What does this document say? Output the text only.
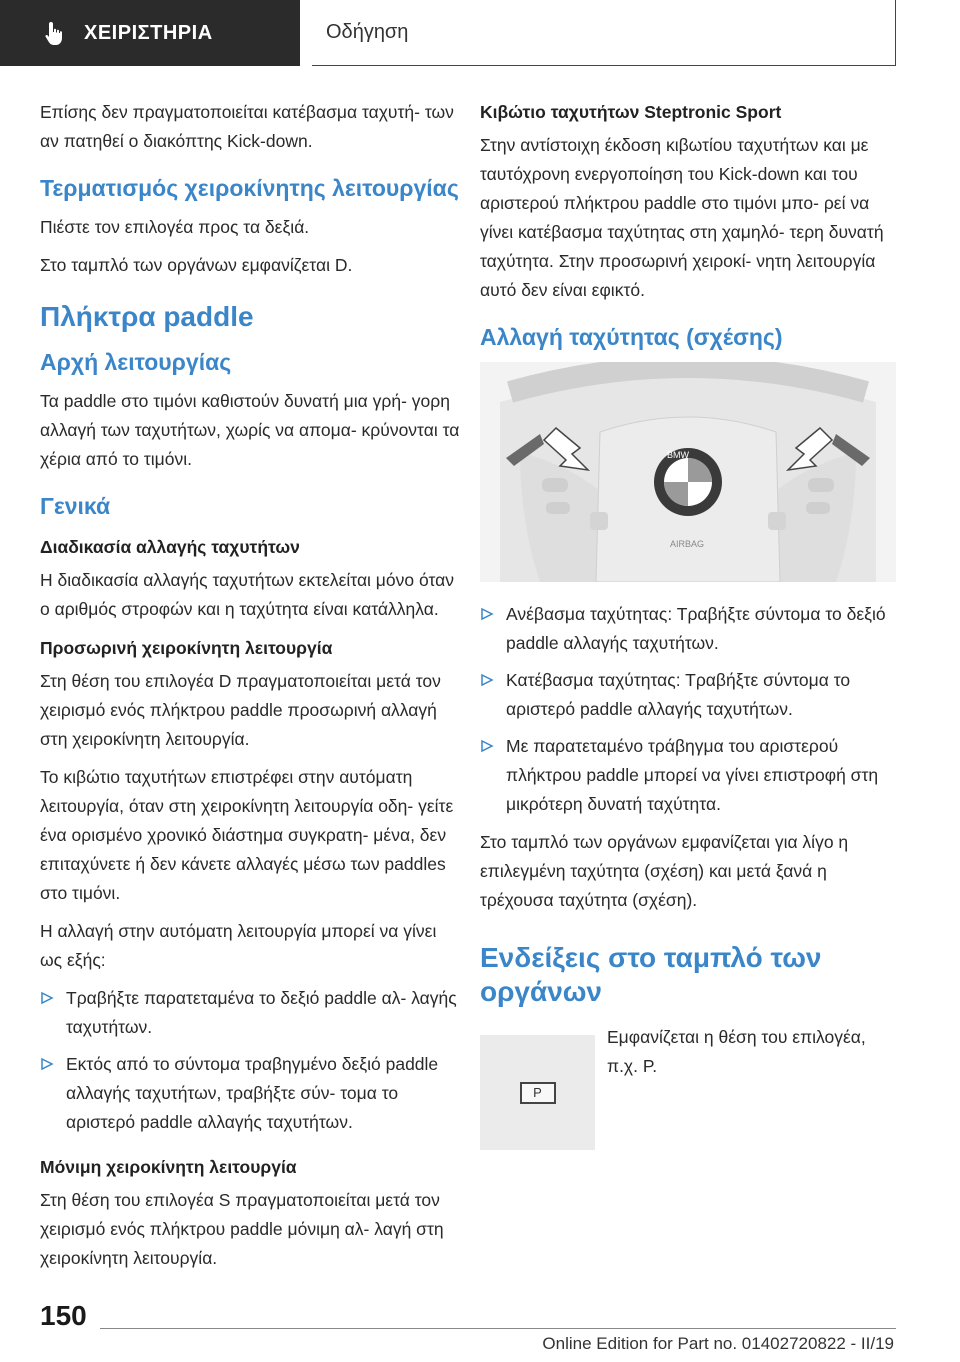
ΧΕΙΡΙΣΤΗΡΙΑ	Οδήγηση

Επίσης δεν πραγματοποιείται κατέβασμα ταχυτή- των αν πατηθεί ο διακόπτης Kick-down.

Τερματισμός χειροκίνητης λειτουργίας

Πιέστε τον επιλογέα προς τα δεξιά.

Στο ταμπλό των οργάνων εμφανίζεται D.

Πλήκτρα paddle
Αρχή λειτουργίας

Τα paddle στο τιμόνι καθιστούν δυνατή μια γρή- γορη αλλαγή των ταχυτήτων, χωρίς να απομα- κρύνονται τα χέρια από το τιμόνι.

Γενικά
Διαδικασία αλλαγής ταχυτήτων

Η διαδικασία αλλαγής ταχυτήτων εκτελείται μόνο όταν ο αριθμός στροφών και η ταχύτητα είναι κατάλληλα.

Προσωρινή χειροκίνητη λειτουργία

Στη θέση του επιλογέα D πραγματοποιείται μετά τον χειρισμό ενός πλήκτρου paddle προσωρινή αλλαγή στη χειροκίνητη λειτουργία.

Το κιβώτιο ταχυτήτων επιστρέφει στην αυτόματη λειτουργία, όταν στη χειροκίνητη λειτουργία οδη- γείτε ένα ορισμένο χρονικό διάστημα συγκρατη- μένα, δεν επιταχύνετε ή δεν κάνετε αλλαγές μέσω των paddles στο τιμόνι.

Η αλλαγή στην αυτόματη λειτουργία μπορεί να γίνει ως εξής:

Τραβήξτε παρατεταμένα το δεξιό paddle αλ- λαγής ταχυτήτων.
Εκτός από το σύντομα τραβηγμένο δεξιό paddle αλλαγής ταχυτήτων, τραβήξτε σύν- τομα το αριστερό paddle αλλαγής ταχυτήτων.
Μόνιμη χειροκίνητη λειτουργία

Στη θέση του επιλογέα S πραγματοποιείται μετά τον χειρισμό ενός πλήκτρου paddle μόνιμη αλ- λαγή στη χειροκίνητη λειτουργία.

Κιβώτιο ταχυτήτων Steptronic Sport

Στην αντίστοιχη έκδοση κιβωτίου ταχυτήτων και με ταυτόχρονη ενεργοποίηση του Kick-down και του αριστερού πλήκτρου paddle στο τιμόνι μπο- ρεί να γίνει κατέβασμα ταχύτητας στη χαμηλό- τερη δυνατή ταχύτητα. Στην προσωρινή χειροκί- νητη λειτουργία αυτό δεν είναι εφικτό.

Αλλαγή ταχύτητας (σχέσης)
BMW
AIRBAG
Ανέβασμα ταχύτητας: Τραβήξτε σύντομα το δεξιό paddle αλλαγής ταχυτήτων.
Κατέβασμα ταχύτητας: Τραβήξτε σύντομα το αριστερό paddle αλλαγής ταχυτήτων.
Με παρατεταμένο τράβηγμα του αριστερού πλήκτρου paddle μπορεί να γίνει επιστροφή στη μικρότερη δυνατή ταχύτητα.

Στο ταμπλό των οργάνων εμφανίζεται για λίγο η επιλεγμένη ταχύτητα (σχέση) και μετά ξανά η τρέχουσα ταχύτητα (σχέση).

Ενδείξεις στο ταμπλό των οργάνων
P

Εμφανίζεται η θέση του επιλογέα, π.χ. P.

150
Online Edition for Part no. 01402720822 - II/19
